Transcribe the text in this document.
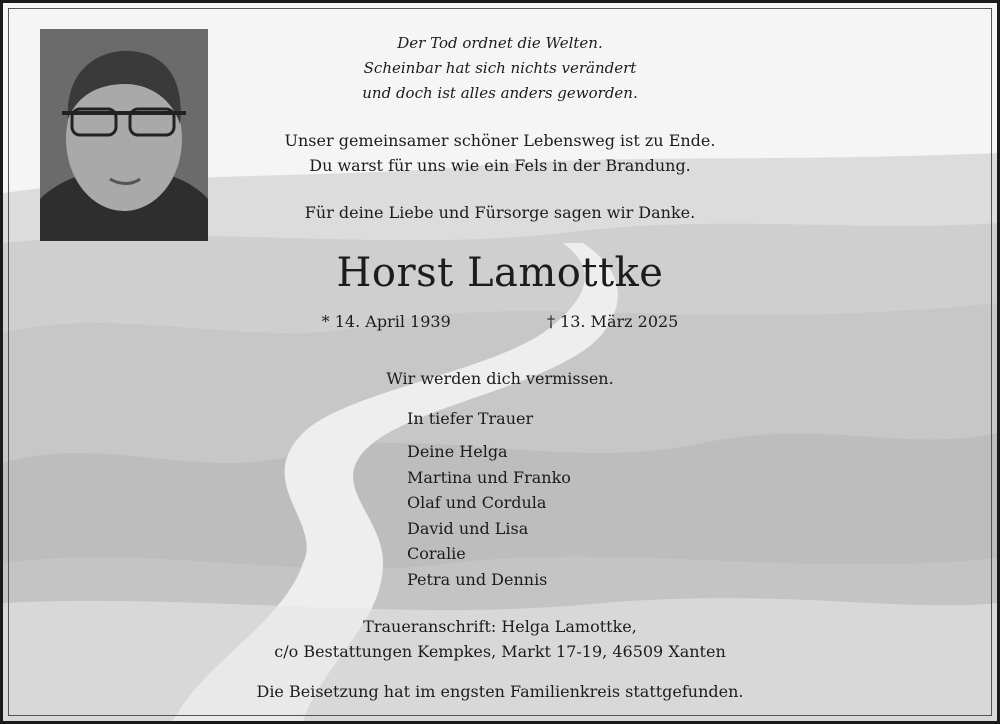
Der Tod ordnet die Welten.
Scheinbar hat sich nichts verändert
und doch ist alles anders geworden.
Unser gemeinsamer schöner Lebensweg ist zu Ende.
Du warst für uns wie ein Fels in der Brandung.
Für deine Liebe und Fürsorge sagen wir Danke.
Horst Lamottke
* 14. April 1939	† 13. März 2025
Wir werden dich vermissen.
In tiefer Trauer
Deine Helga
Martina und Franko
Olaf und Cordula
David und Lisa
Coralie
Petra und Dennis
Traueranschrift: Helga Lamottke,
c/o Bestattungen Kempkes, Markt 17-19, 46509 Xanten
Die Beisetzung hat im engsten Familienkreis stattgefunden.
